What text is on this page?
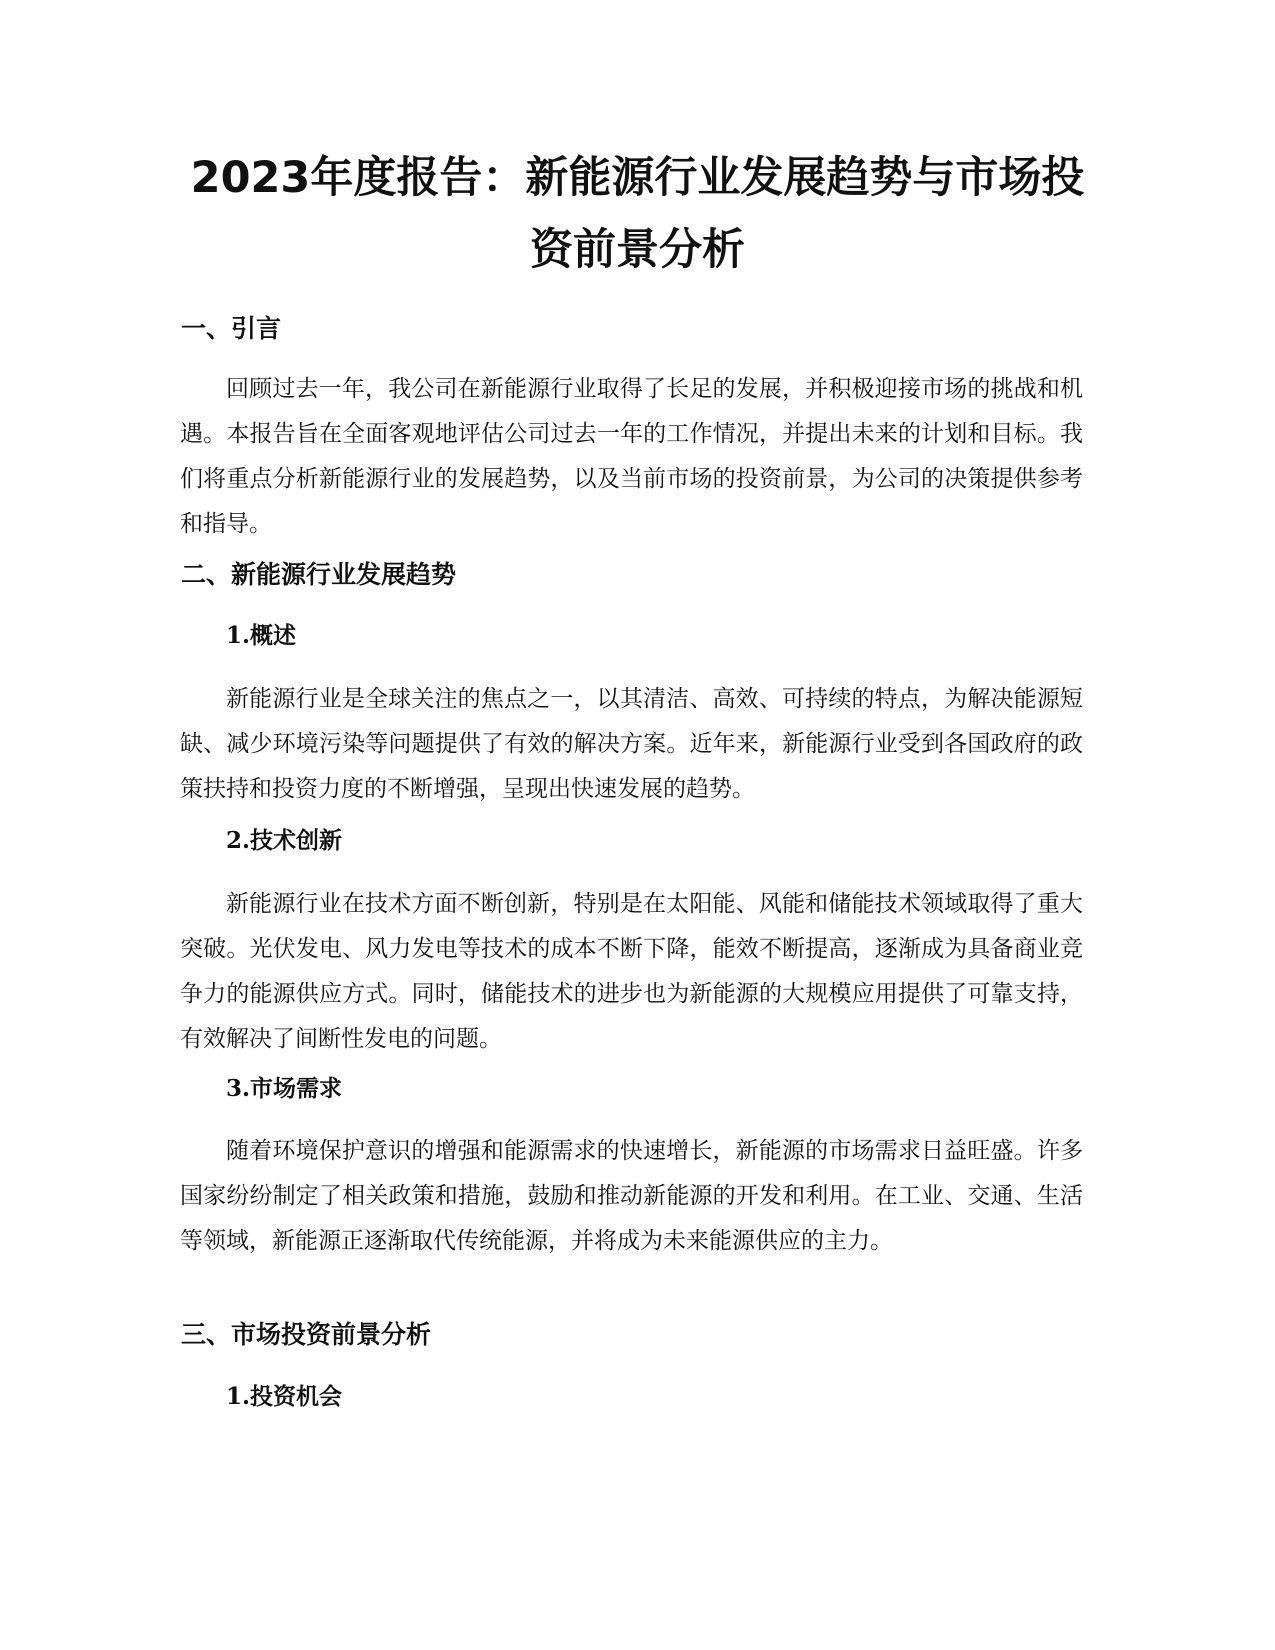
2023年度报告：新能源行业发展趋势与市场投资前景分析
一、引言

回顾过去一年，我公司在新能源行业取得了长足的发展，并积极迎接市场的挑战和机遇。本报告旨在全面客观地评估公司过去一年的工作情况，并提出未来的计划和目标。我们将重点分析新能源行业的发展趋势，以及当前市场的投资前景，为公司的决策提供参考和指导。

二、新能源行业发展趋势
1.概述

新能源行业是全球关注的焦点之一，以其清洁、高效、可持续的特点，为解决能源短缺、减少环境污染等问题提供了有效的解决方案。近年来，新能源行业受到各国政府的政策扶持和投资力度的不断增强，呈现出快速发展的趋势。

2.技术创新

新能源行业在技术方面不断创新，特别是在太阳能、风能和储能技术领域取得了重大突破。光伏发电、风力发电等技术的成本不断下降，能效不断提高，逐渐成为具备商业竞争力的能源供应方式。同时，储能技术的进步也为新能源的大规模应用提供了可靠支持，有效解决了间断性发电的问题。

3.市场需求

随着环境保护意识的增强和能源需求的快速增长，新能源的市场需求日益旺盛。许多国家纷纷制定了相关政策和措施，鼓励和推动新能源的开发和利用。在工业、交通、生活等领域，新能源正逐渐取代传统能源，并将成为未来能源供应的主力。

三、市场投资前景分析
1.投资机会
